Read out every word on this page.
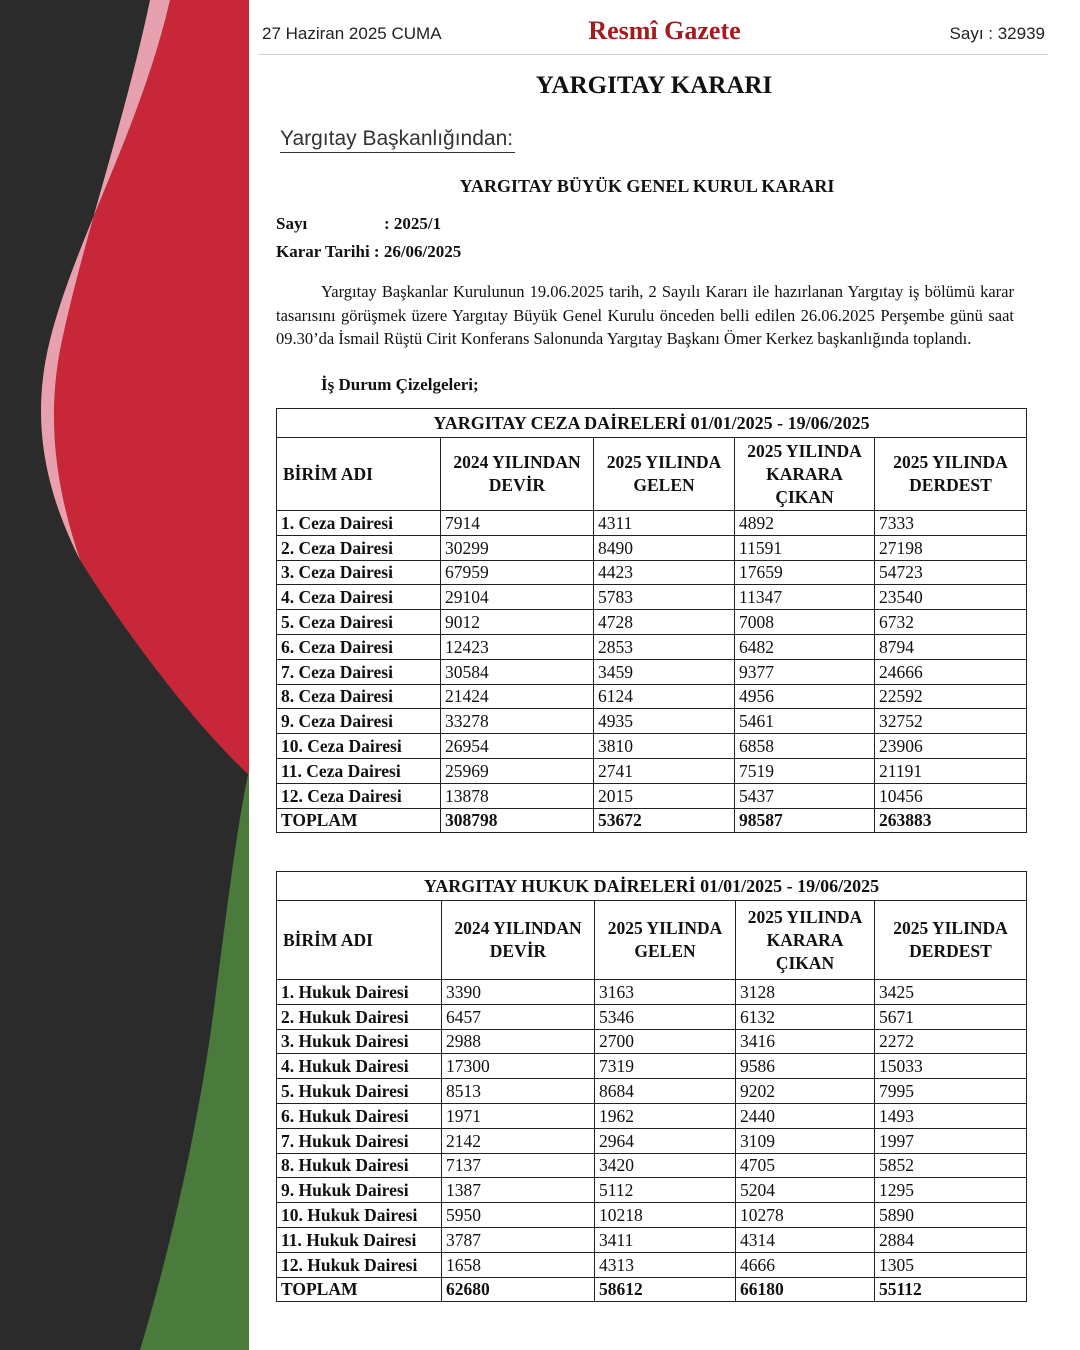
27 Haziran 2025 CUMA	Resmî Gazete	Sayı : 32939
YARGITAY KARARI
Yargıtay Başkanlığından:
YARGITAY BÜYÜK GENEL KURUL KARARI
Sayı	: 2025/1
Karar Tarihi : 26/06/2025
Yargıtay Başkanlar Kurulunun 19.06.2025 tarih, 2 Sayılı Kararı ile hazırlanan Yargıtay iş bölümü karar tasarısını görüşmek üzere Yargıtay Büyük Genel Kurulu önceden belli edilen 26.06.2025 Perşembe günü saat 09.30’da İsmail Rüştü Cirit Konferans Salonunda Yargıtay Başkanı Ömer Kerkez başkanlığında toplandı.
İş Durum Çizelgeleri;
YARGITAY CEZA DAİRELERİ 01/01/2025 - 19/06/2025				
BİRİM ADI	2024 YILINDAN DEVİR	2025 YILINDA GELEN	2025 YILINDA KARARA ÇIKAN	2025 YILINDA DERDEST
1. Ceza Dairesi	7914	4311	4892	7333
2. Ceza Dairesi	30299	8490	11591	27198
3. Ceza Dairesi	67959	4423	17659	54723
4. Ceza Dairesi	29104	5783	11347	23540
5. Ceza Dairesi	9012	4728	7008	6732
6. Ceza Dairesi	12423	2853	6482	8794
7. Ceza Dairesi	30584	3459	9377	24666
8. Ceza Dairesi	21424	6124	4956	22592
9. Ceza Dairesi	33278	4935	5461	32752
10. Ceza Dairesi	26954	3810	6858	23906
11. Ceza Dairesi	25969	2741	7519	21191
12. Ceza Dairesi	13878	2015	5437	10456
TOPLAM	308798	53672	98587	263883
YARGITAY HUKUK DAİRELERİ 01/01/2025 - 19/06/2025				
BİRİM ADI	2024 YILINDAN DEVİR	2025 YILINDA GELEN	2025 YILINDA KARARA ÇIKAN	2025 YILINDA DERDEST
1. Hukuk Dairesi	3390	3163	3128	3425
2. Hukuk Dairesi	6457	5346	6132	5671
3. Hukuk Dairesi	2988	2700	3416	2272
4. Hukuk Dairesi	17300	7319	9586	15033
5. Hukuk Dairesi	8513	8684	9202	7995
6. Hukuk Dairesi	1971	1962	2440	1493
7. Hukuk Dairesi	2142	2964	3109	1997
8. Hukuk Dairesi	7137	3420	4705	5852
9. Hukuk Dairesi	1387	5112	5204	1295
10. Hukuk Dairesi	5950	10218	10278	5890
11. Hukuk Dairesi	3787	3411	4314	2884
12. Hukuk Dairesi	1658	4313	4666	1305
TOPLAM	62680	58612	66180	55112
